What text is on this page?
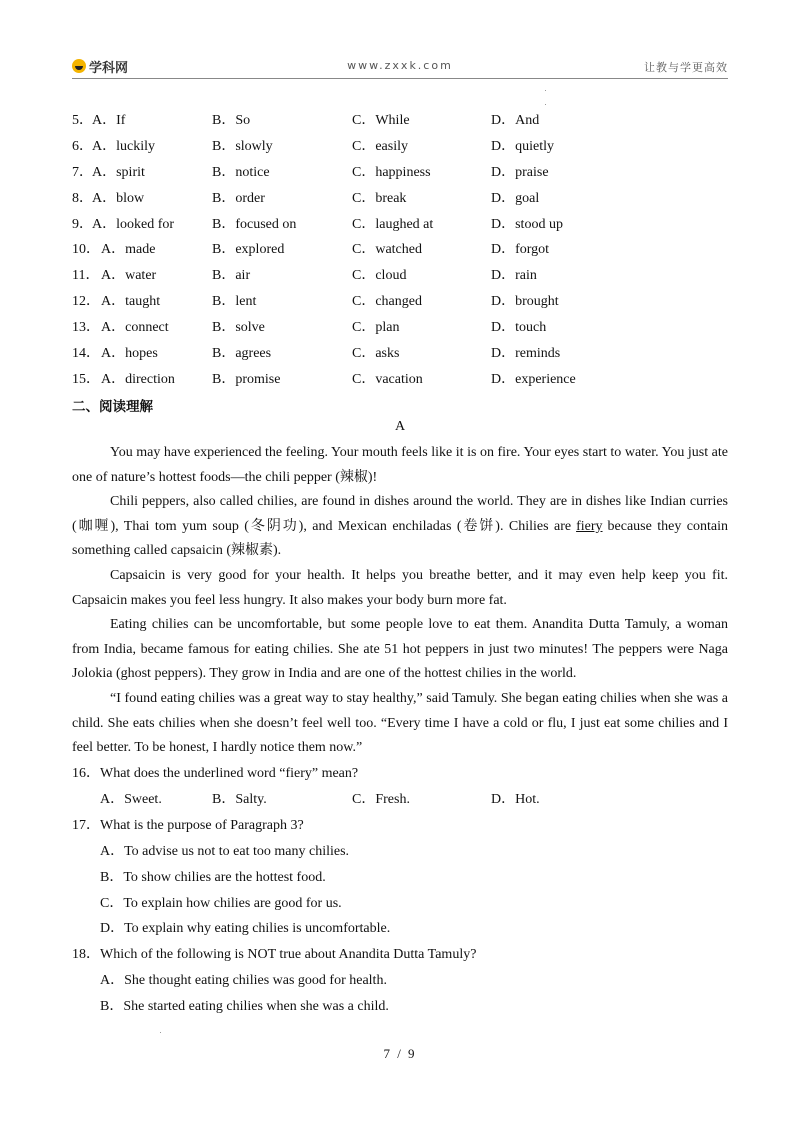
学科网	www.zxxk.com	让教与学更高效
5． A．If	B．So	C．While	D．And
6． A．luckily	B．slowly	C．easily	D．quietly
7． A．spirit	B．notice	C．happiness	D．praise
8． A．blow	B．order	C．break	D．goal
9． A．looked for	B．focused on	C．laughed at	D．stood up
10． A．made	B．explored	C．watched	D．forgot
11． A．water	B．air	C．cloud	D．rain
12． A．taught	B．lent	C．changed	D．brought
13． A．connect	B．solve	C．plan	D．touch
14． A．hopes	B．agrees	C．asks	D．reminds
15． A．direction	B．promise	C．vacation	D．experience
二、阅读理解
A

You may have experienced the feeling. Your mouth feels like it is on fire. Your eyes start to water. You just ate one of nature’s hottest foods—the chili pepper (辣椒)!

Chili peppers, also called chilies, are found in dishes around the world. They are in dishes like Indian curries (咖喱), Thai tom yum soup (冬阴功), and Mexican enchiladas (卷饼). Chilies are fiery because they contain something called capsaicin (辣椒素).

Capsaicin is very good for your health. It helps you breathe better, and it may even help keep you fit. Capsaicin makes you feel less hungry. It also makes your body burn more fat.

Eating chilies can be uncomfortable, but some people love to eat them. Anandita Dutta Tamuly, a woman from India, became famous for eating chilies. She ate 51 hot peppers in just two minutes! The peppers were Naga Jolokia (ghost peppers). They grow in India and are one of the hottest chilies in the world.

“I found eating chilies was a great way to stay healthy,” said Tamuly. She began eating chilies when she was a child. She eats chilies when she doesn’t feel well too. “Every time I have a cold or flu, I just eat some chilies and I feel better. To be honest, I hardly notice them now.”

16．What does the underlined word “fiery” mean?
A．Sweet.	B．Salty.	C．Fresh.	D．Hot.
17．What is the purpose of Paragraph 3?
A．To advise us not to eat too many chilies.
B．To show chilies are the hottest food.
C．To explain how chilies are good for us.
D．To explain why eating chilies is uncomfortable.
18．Which of the following is NOT true about Anandita Dutta Tamuly?
A．She thought eating chilies was good for health.
B．She started eating chilies when she was a child.
7 / 9
